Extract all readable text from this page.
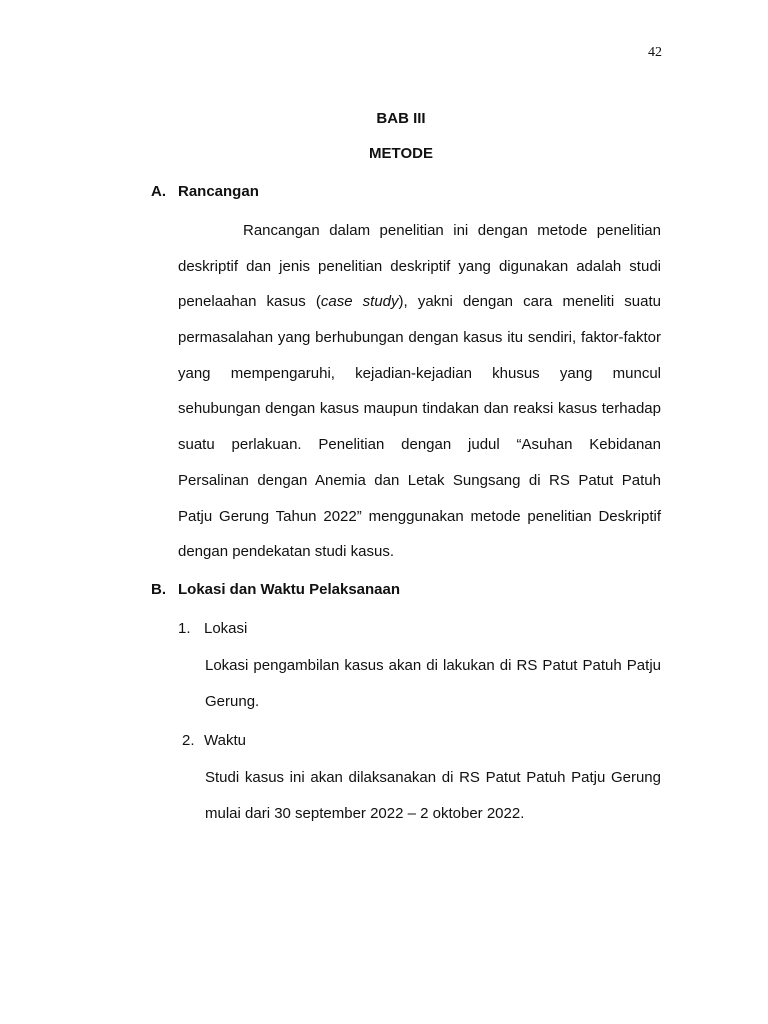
42
BAB III
METODE
A. Rancangan
Rancangan dalam penelitian ini dengan metode penelitian
deskriptif dan jenis penelitian deskriptif yang digunakan adalah studi
penelaahan kasus (case study), yakni dengan cara meneliti suatu
permasalahan yang berhubungan dengan kasus itu sendiri, faktor-faktor
yang mempengaruhi, kejadian-kejadian khusus yang muncul
sehubungan dengan kasus maupun tindakan dan reaksi kasus terhadap
suatu perlakuan. Penelitian dengan judul “Asuhan Kebidanan
Persalinan dengan Anemia dan Letak Sungsang di RS Patut Patuh
Patju Gerung Tahun 2022” menggunakan metode penelitian Deskriptif
dengan pendekatan studi kasus.
B. Lokasi dan Waktu Pelaksanaan
1. Lokasi
Lokasi pengambilan kasus akan di lakukan di RS Patut Patuh Patju
Gerung.
2. Waktu
Studi kasus ini akan dilaksanakan di RS Patut Patuh Patju Gerung
mulai dari 30 september 2022 – 2 oktober 2022.
